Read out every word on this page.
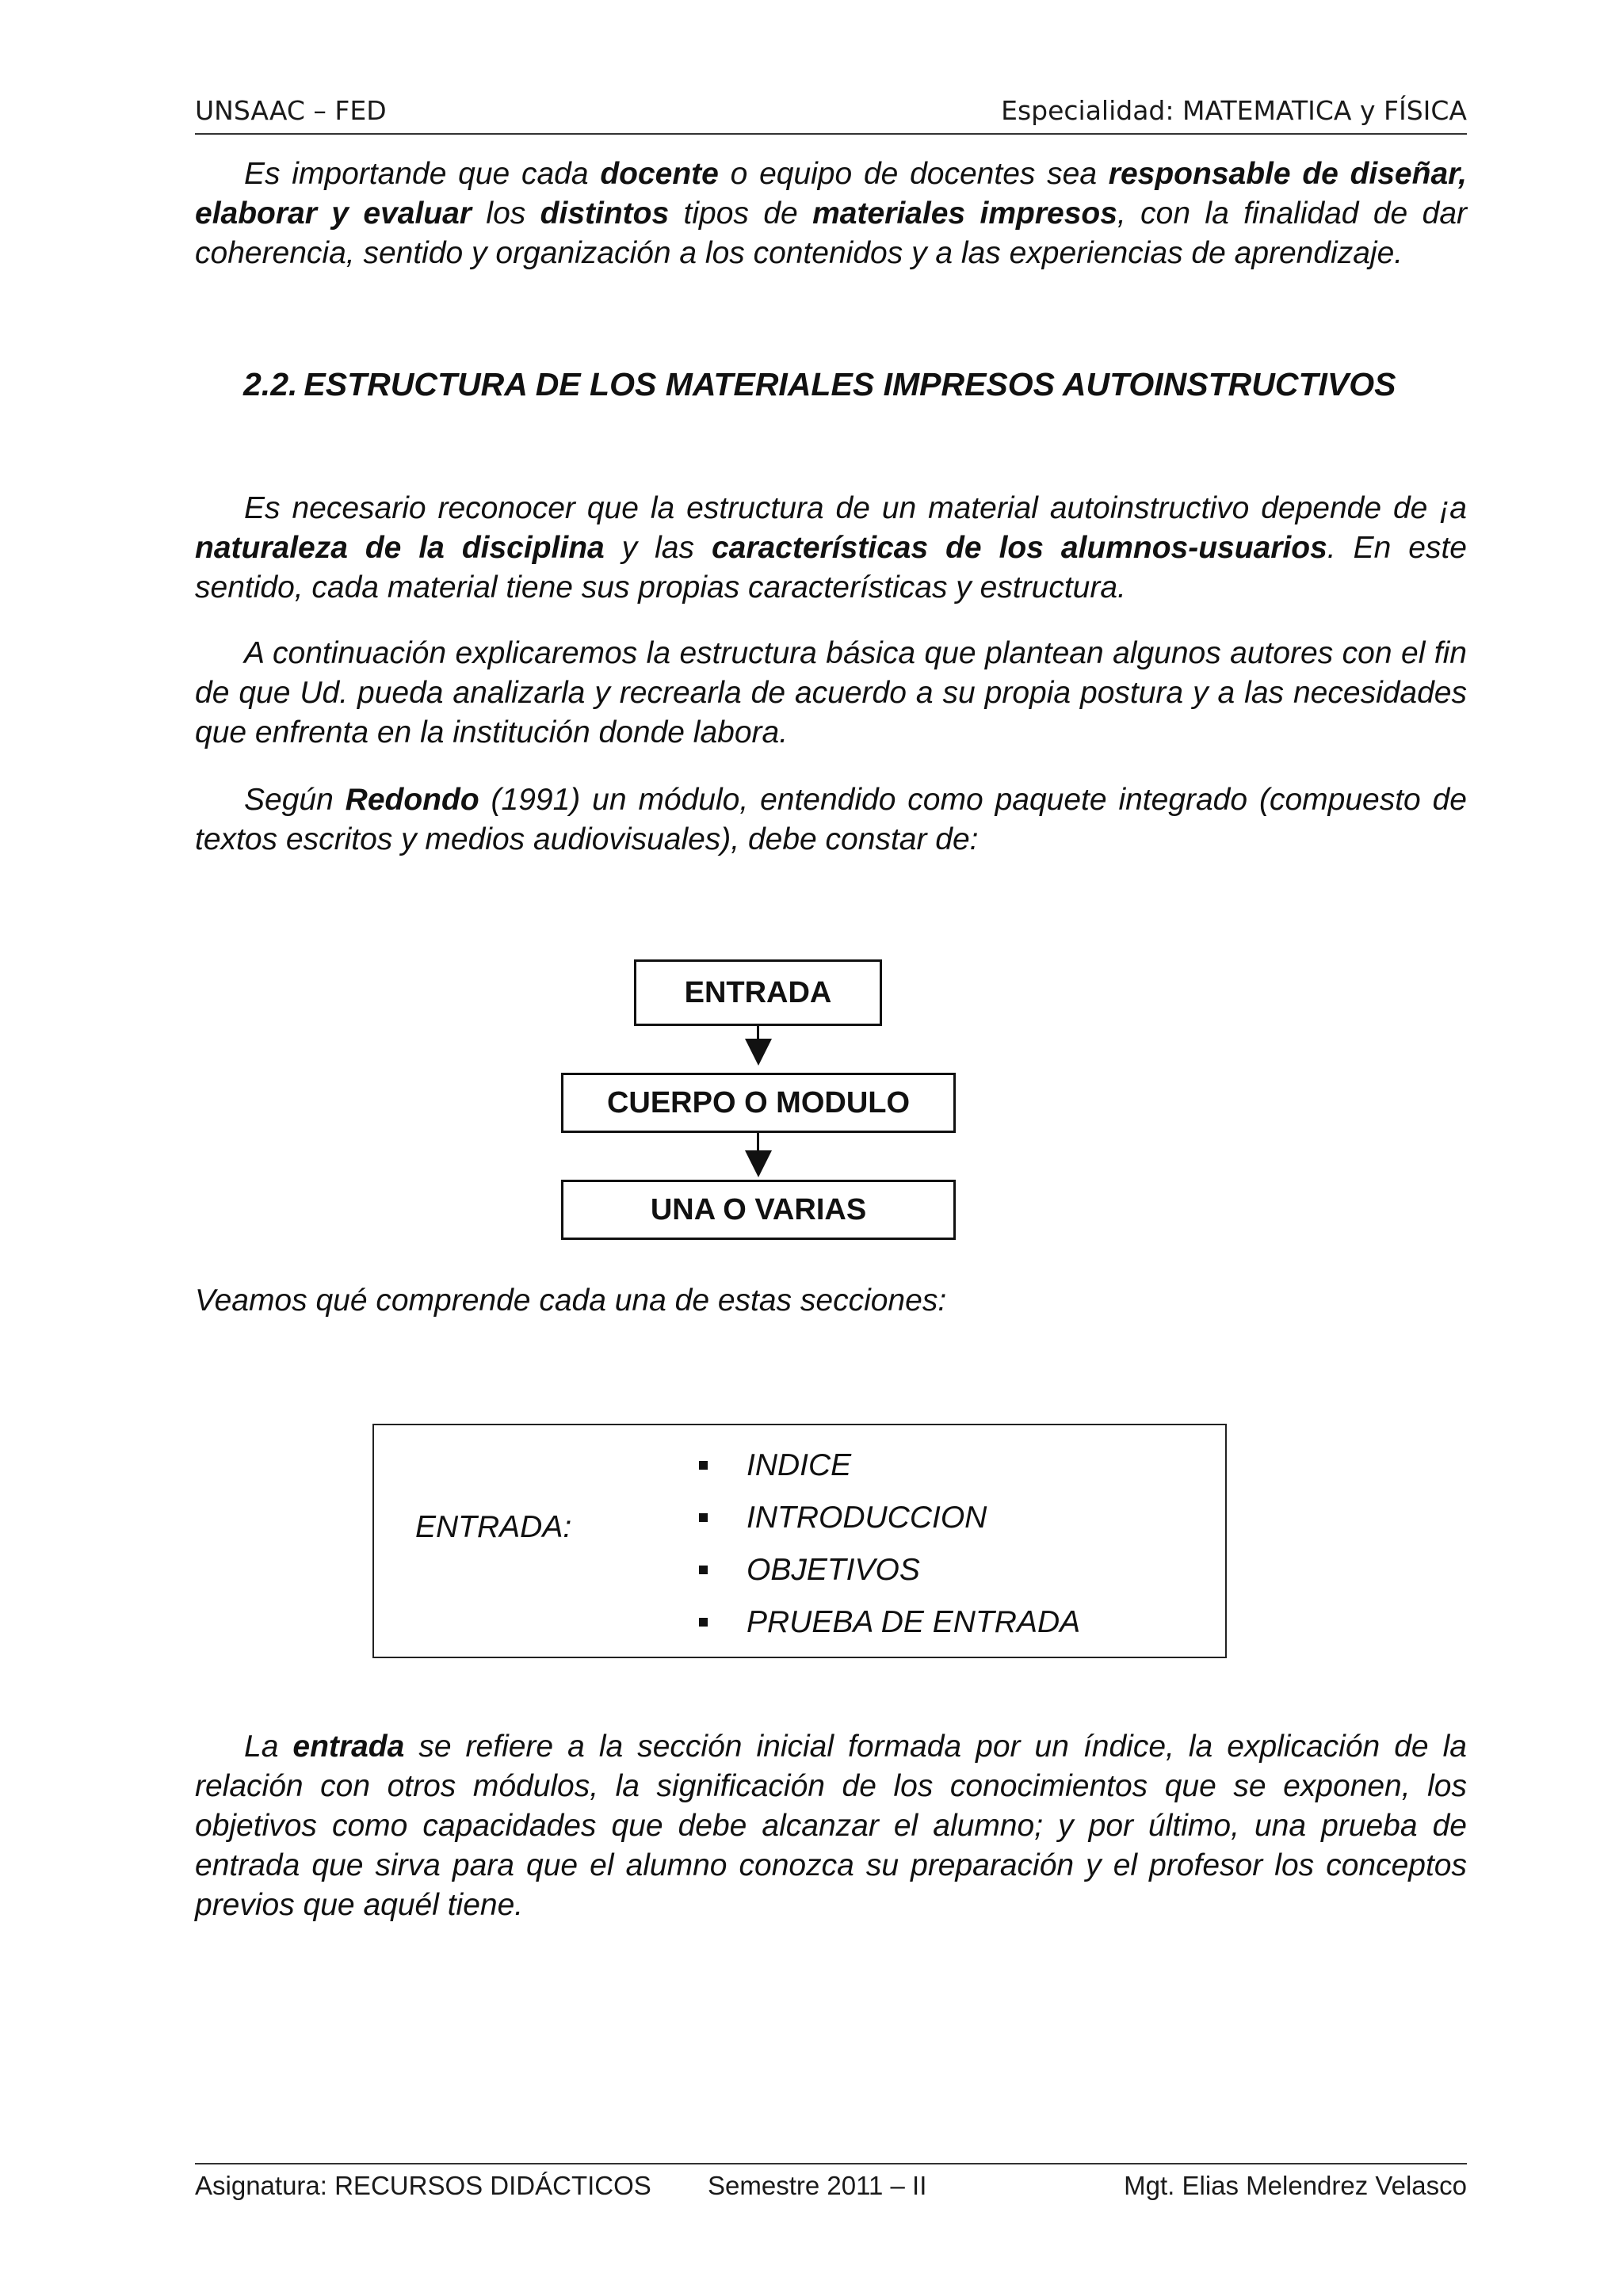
UNSAAC – FED	Especialidad: MATEMATICA y FÍSICA

Es importande que cada docente o equipo de docentes sea responsable de diseñar, elaborar y evaluar los distintos tipos de materiales impresos, con la finalidad de dar coherencia, sentido y organización a los contenidos y a las experiencias de aprendizaje.

2.2. ESTRUCTURA DE LOS MATERIALES IMPRESOS AUTOINSTRUCTIVOS

Es necesario reconocer que la estructura de un material autoinstructivo depende de ¡a naturaleza de la disciplina y las características de los alumnos-usuarios. En este sentido, cada material tiene sus propias características y estructura.

A continuación explicaremos la estructura básica que plantean algunos autores con el fin de que Ud. pueda analizarla y recrearla de acuerdo a su propia postura y a las necesidades que enfrenta en la institución donde labora.

Según Redondo (1991) un módulo, entendido como paquete integrado (compuesto de textos escritos y medios audiovisuales), debe constar de:

ENTRADA
CUERPO O MODULO
UNA O VARIAS
Veamos qué comprende cada una de estas secciones:
ENTRADA:
INDICE
INTRODUCCION
OBJETIVOS
PRUEBA DE ENTRADA

La entrada se refiere a la sección inicial formada por un índice, la explicación de la relación con otros módulos, la significación de los conocimientos que se exponen, los objetivos como capacidades que debe alcanzar el alumno; y por último, una prueba de entrada que sirva para que el alumno conozca su preparación y el profesor los conceptos previos que aquél tiene.

Asignatura: RECURSOS DIDÁCTICOS Semestre 2011 – II	Mgt. Elias Melendrez Velasco
